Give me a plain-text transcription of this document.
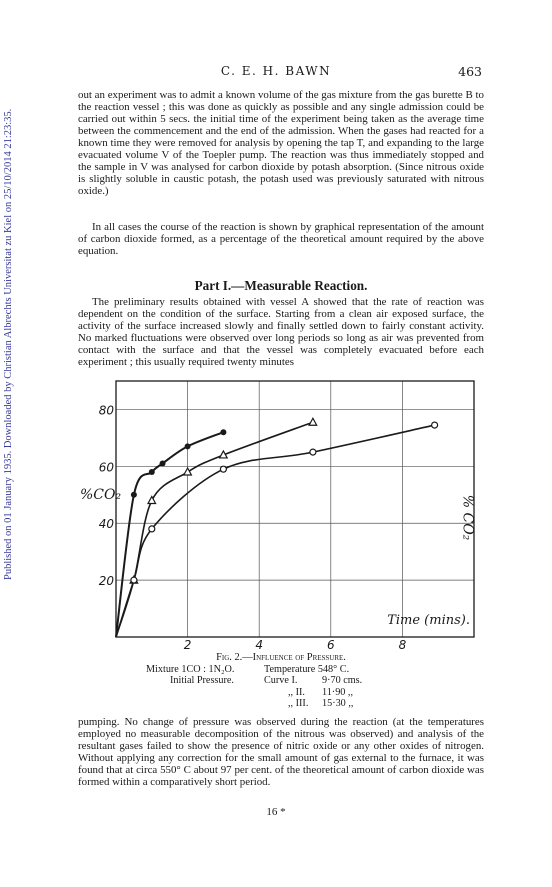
Published on 01 January 1935. Downloaded by Christian Albrechts Universitat zu Kiel on 25/10/2014 21:23:35.
C. E. H. BAWN	463

out an experiment was to admit a known volume of the gas mixture from the gas burette B to the reaction vessel ; this was done as quickly as possible and any single admission could be carried out within 5 secs. the initial time of the experiment being taken as the average time between the commencement and the end of the admission. When the gases had reacted for a known time they were removed for analysis by opening the tap T, and expanding to the large evacuated volume V of the Toepler pump. The reaction was thus immediately stopped and the sample in V was analysed for carbon dioxide by potash absorption. (Since nitrous oxide is slightly soluble in caustic potash, the potash used was previously saturated with nitrous oxide.)

In all cases the course of the reaction is shown by graphical representation of the amount of carbon dioxide formed, as a percentage of the theoretical amount required by the above equation.

Part I.—Measurable Reaction.

The preliminary results obtained with vessel A showed that the rate of reaction was dependent on the condition of the surface. Starting from a clean air exposed surface, the activity of the surface increased slowly and finally settled down to fairly constant activity. No marked fluctuations were observed over long periods so long as air was prevented from contact with the surface and that the vessel was completely evacuated before each experiment ; this usually required twenty minutes

2	4	6	8
20
40
60
80
%CO₂	% CO₂
Time (mins).
Fig. 2.—Influence of Pressure.
Mixture 1CO : 1N₂O.	Temperature 548° C.
Initial Pressure.	Curve I. 9·70 cms.
,, II. 11·90 ,,
,, III. 15·30 ,,

pumping. No change of pressure was observed during the reaction (at the temperatures employed no measurable decomposition of the nitrous was observed) and analysis of the resultant gases failed to show the presence of nitric oxide or any other oxides of nitrogen. Without applying any correction for the small amount of gas external to the furnace, it was found that at circa 550° C about 97 per cent. of the theoretical amount of carbon dioxide was formed within a comparatively short period.

16 *
